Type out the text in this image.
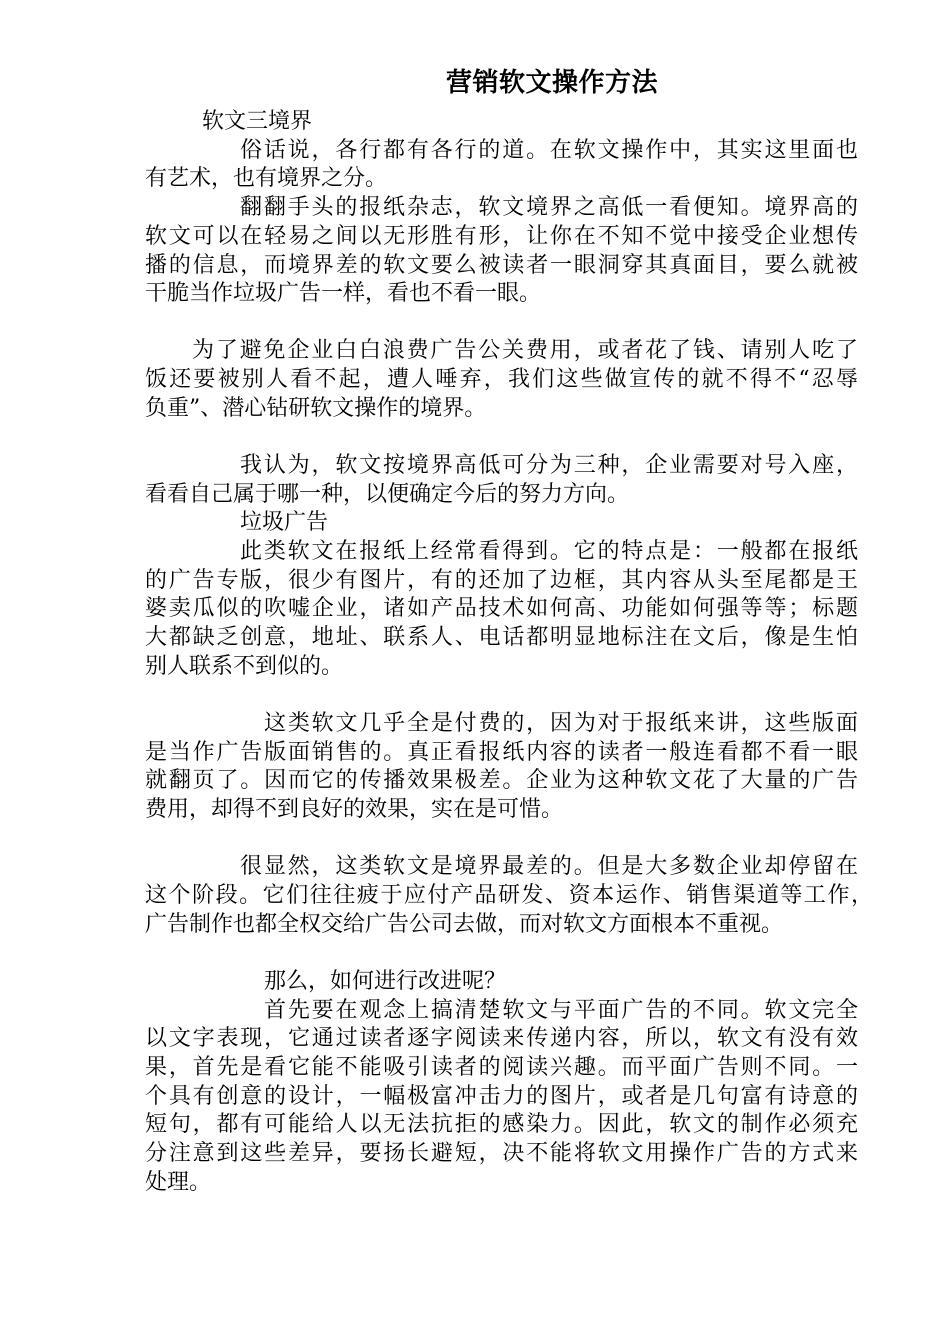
营销软文操作方法
软文三境界
俗话说，各行都有各行的道。在软文操作中，其实这里面也
有艺术，也有境界之分。
翻翻手头的报纸杂志，软文境界之高低一看便知。境界高的
软文可以在轻易之间以无形胜有形，让你在不知不觉中接受企业想传
播的信息，而境界差的软文要么被读者一眼洞穿其真面目，要么就被
干脆当作垃圾广告一样，看也不看一眼。
为了避免企业白白浪费广告公关费用，或者花了钱、请别人吃了
饭还要被别人看不起，遭人唾弃，我们这些做宣传的就不得不“忍辱
负重”、潜心钻研软文操作的境界。
我认为，软文按境界高低可分为三种，企业需要对号入座，
看看自己属于哪一种，以便确定今后的努力方向。
垃圾广告
此类软文在报纸上经常看得到。它的特点是：一般都在报纸
的广告专版，很少有图片，有的还加了边框，其内容从头至尾都是王
婆卖瓜似的吹嘘企业，诸如产品技术如何高、功能如何强等等；标题
大都缺乏创意，地址、联系人、电话都明显地标注在文后，像是生怕
别人联系不到似的。
这类软文几乎全是付费的，因为对于报纸来讲，这些版面
是当作广告版面销售的。真正看报纸内容的读者一般连看都不看一眼
就翻页了。因而它的传播效果极差。企业为这种软文花了大量的广告
费用，却得不到良好的效果，实在是可惜。
很显然，这类软文是境界最差的。但是大多数企业却停留在
这个阶段。它们往往疲于应付产品研发、资本运作、销售渠道等工作，
广告制作也都全权交给广告公司去做，而对软文方面根本不重视。
那么，如何进行改进呢？
首先要在观念上搞清楚软文与平面广告的不同。软文完全
以文字表现，它通过读者逐字阅读来传递内容，所以，软文有没有效
果，首先是看它能不能吸引读者的阅读兴趣。而平面广告则不同。一
个具有创意的设计，一幅极富冲击力的图片，或者是几句富有诗意的
短句，都有可能给人以无法抗拒的感染力。因此，软文的制作必须充
分注意到这些差异，要扬长避短，决不能将软文用操作广告的方式来
处理。
